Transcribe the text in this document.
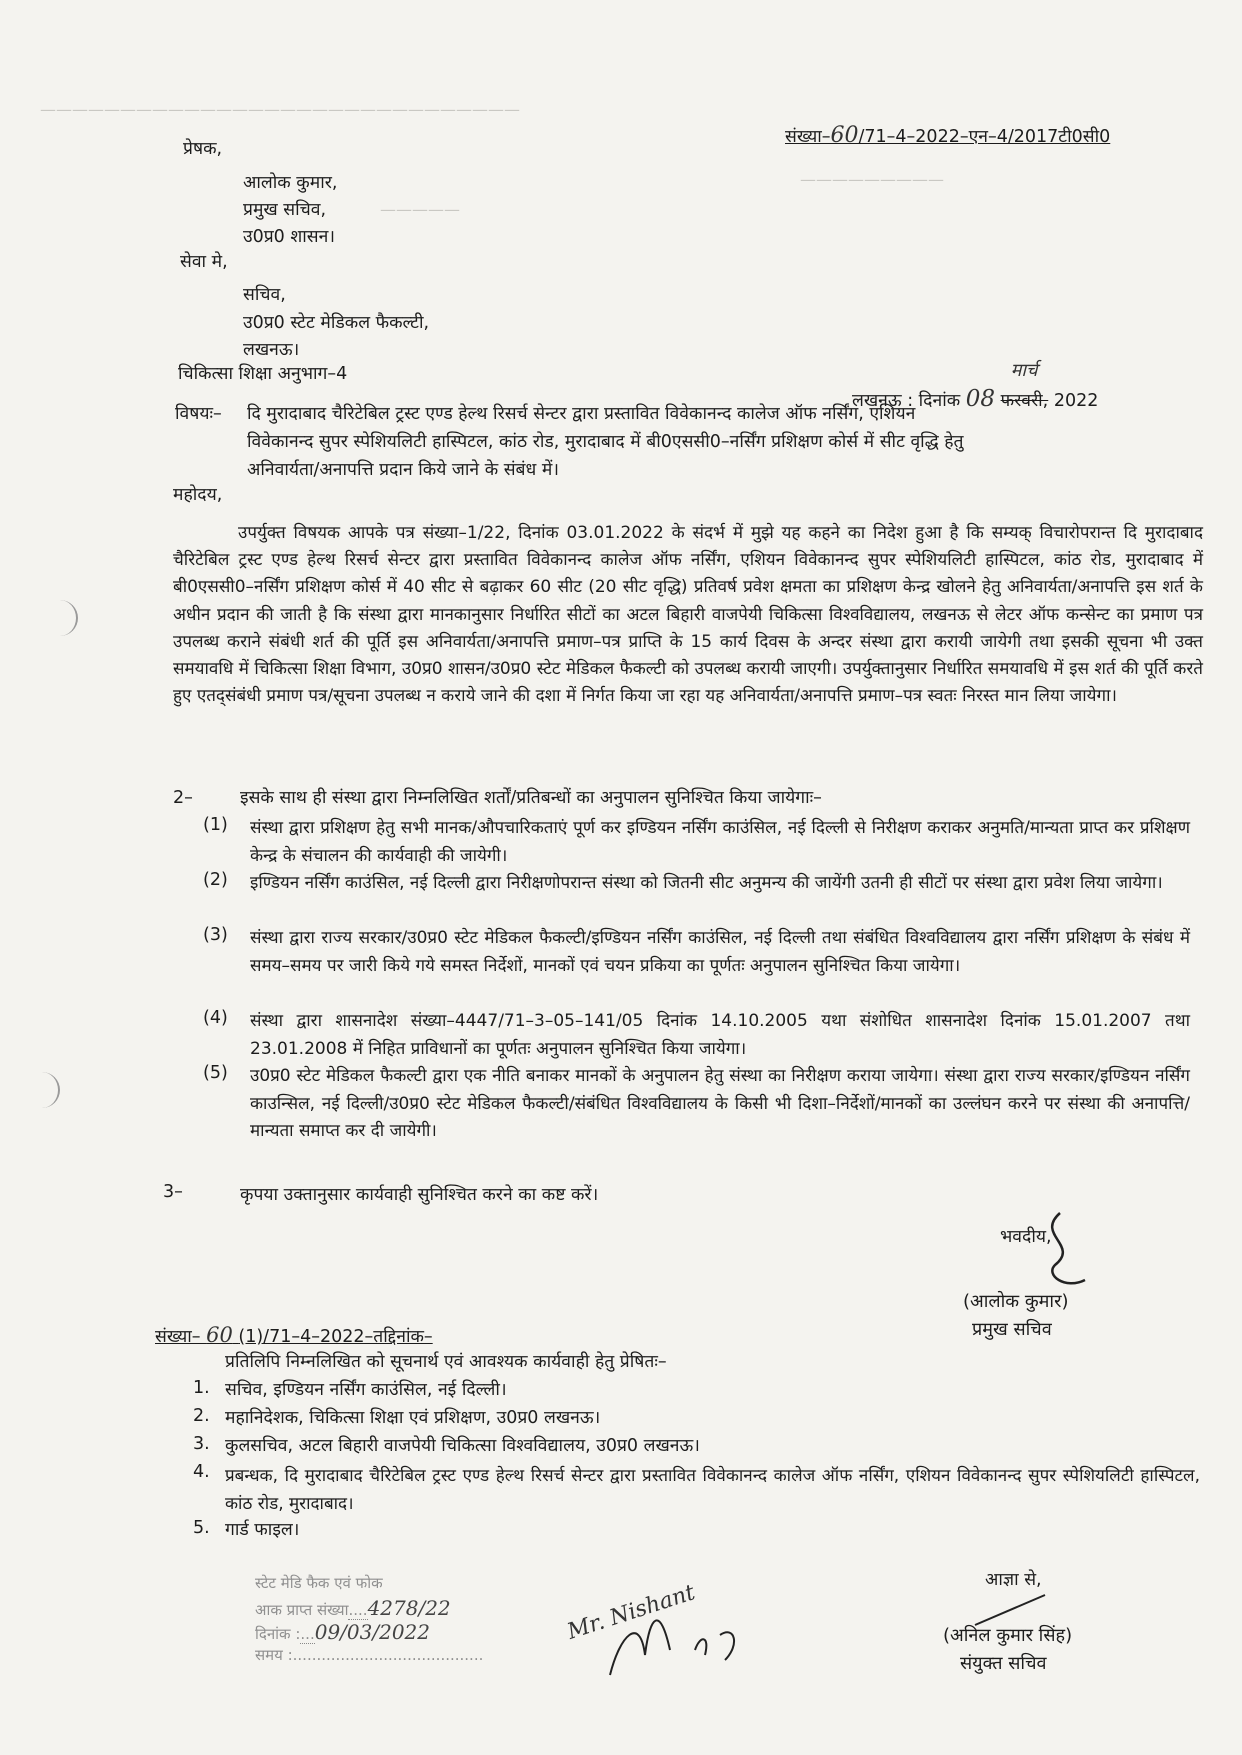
——————————————————————————————
—————————
—————
संख्या–60/71–4–2022–एन–4/2017टी0सी0
प्रेषक,
आलोक कुमार,
प्रमुख सचिव,
उ0प्र0 शासन।
सेवा मे,
सचिव,
उ0प्र0 स्टेट मेडिकल फैकल्टी,
लखनऊ।
चिकित्सा शिक्षा अनुभाग–4
लखनऊ : दिनांक 08
मार्च
फरवरी, 2022
विषयः– दि मुरादाबाद चैरिटेबिल ट्रस्ट एण्ड हेल्थ रिसर्च सेन्टर द्वारा प्रस्तावित विवेकानन्द कालेज ऑफ नर्सिंग, एशियन
विवेकानन्द सुपर स्पेशियलिटी हास्पिटल, कांठ रोड, मुरादाबाद में बी0एससी0–नर्सिंग प्रशिक्षण कोर्स में सीट वृद्धि हेतु
अनिवार्यता/अनापत्ति प्रदान किये जाने के संबंध में।
महोदय,
उपर्युक्त विषयक आपके पत्र संख्या–1/22, दिनांक 03.01.2022 के संदर्भ में मुझे यह कहने का निदेश हुआ है कि सम्यक् विचारोपरान्त दि मुरादाबाद चैरिटेबिल ट्रस्ट एण्ड हेल्थ रिसर्च सेन्टर द्वारा प्रस्तावित विवेकानन्द कालेज ऑफ नर्सिंग, एशियन विवेकानन्द सुपर स्पेशियलिटी हास्पिटल, कांठ रोड, मुरादाबाद में बी0एससी0–नर्सिंग प्रशिक्षण कोर्स में 40 सीट से बढ़ाकर 60 सीट (20 सीट वृद्धि) प्रतिवर्ष प्रवेश क्षमता का प्रशिक्षण केन्द्र खोलने हेतु अनिवार्यता/अनापत्ति इस शर्त के अधीन प्रदान की जाती है कि संस्था द्वारा मानकानुसार निर्धारित सीटों का अटल बिहारी वाजपेयी चिकित्सा विश्वविद्यालय, लखनऊ से लेटर ऑफ कन्सेन्ट का प्रमाण पत्र उपलब्ध कराने संबंधी शर्त की पूर्ति इस अनिवार्यता/अनापत्ति प्रमाण–पत्र प्राप्ति के 15 कार्य दिवस के अन्दर संस्था द्वारा करायी जायेगी तथा इसकी सूचना भी उक्त समयावधि में चिकित्सा शिक्षा विभाग, उ0प्र0 शासन/उ0प्र0 स्टेट मेडिकल फैकल्टी को उपलब्ध करायी जाएगी। उपर्युक्तानुसार निर्धारित समयावधि में इस शर्त की पूर्ति करते हुए एतद्संबंधी प्रमाण पत्र/सूचना उपलब्ध न कराये जाने की दशा में निर्गत किया जा रहा यह अनिवार्यता/अनापत्ति प्रमाण–पत्र स्वतः निरस्त मान लिया जायेगा।
2–	इसके साथ ही संस्था द्वारा निम्नलिखित शर्तों/प्रतिबन्धों का अनुपालन सुनिश्चित किया जायेगाः–
(1) संस्था द्वारा प्रशिक्षण हेतु सभी मानक/औपचारिकताएं पूर्ण कर इण्डियन नर्सिंग काउंसिल, नई दिल्ली से निरीक्षण कराकर अनुमति/मान्यता प्राप्त कर प्रशिक्षण केन्द्र के संचालन की कार्यवाही की जायेगी।
(2) इण्डियन नर्सिंग काउंसिल, नई दिल्ली द्वारा निरीक्षणोपरान्त संस्था को जितनी सीट अनुमन्य की जायेंगी उतनी ही सीटों पर संस्था द्वारा प्रवेश लिया जायेगा।
(3) संस्था द्वारा राज्य सरकार/उ0प्र0 स्टेट मेडिकल फैकल्टी/इण्डियन नर्सिंग काउंसिल, नई दिल्ली तथा संबंधित विश्वविद्यालय द्वारा नर्सिंग प्रशिक्षण के संबंध में समय–समय पर जारी किये गये समस्त निर्देशों, मानकों एवं चयन प्रकिया का पूर्णतः अनुपालन सुनिश्चित किया जायेगा।
(4) संस्था द्वारा शासनादेश संख्या–4447/71–3–05–141/05 दिनांक 14.10.2005 यथा संशोधित शासनादेश दिनांक 15.01.2007 तथा 23.01.2008 में निहित प्राविधानों का पूर्णतः अनुपालन सुनिश्चित किया जायेगा।
(5) उ0प्र0 स्टेट मेडिकल फैकल्टी द्वारा एक नीति बनाकर मानकों के अनुपालन हेतु संस्था का निरीक्षण कराया जायेगा। संस्था द्वारा राज्य सरकार/इण्डियन नर्सिंग काउन्सिल, नई दिल्ली/उ0प्र0 स्टेट मेडिकल फैकल्टी/संबंधित विश्वविद्यालय के किसी भी दिशा–निर्देशों/मानकों का उल्लंघन करने पर संस्था की अनापत्ति/मान्यता समाप्त कर दी जायेगी।
3–	कृपया उक्तानुसार कार्यवाही सुनिश्चित करने का कष्ट करें।
भवदीय,
(आलोक कुमार)
प्रमुख सचिव
संख्या– 60 (1)/71–4–2022–तद्दिनांक–
प्रतिलिपि निम्नलिखित को सूचनार्थ एवं आवश्यक कार्यवाही हेतु प्रेषितः–
1. सचिव, इण्डियन नर्सिंग काउंसिल, नई दिल्ली।
2. महानिदेशक, चिकित्सा शिक्षा एवं प्रशिक्षण, उ0प्र0 लखनऊ।
3. कुलसचिव, अटल बिहारी वाजपेयी चिकित्सा विश्वविद्यालय, उ0प्र0 लखनऊ।
4. प्रबन्धक, दि मुरादाबाद चैरिटेबिल ट्रस्ट एण्ड हेल्थ रिसर्च सेन्टर द्वारा प्रस्तावित विवेकानन्द कालेज ऑफ नर्सिंग, एशियन विवेकानन्द सुपर स्पेशियलिटी हास्पिटल, कांठ रोड, मुरादाबाद।
5. गार्ड फाइल।
आज्ञा से,
(अनिल कुमार सिंह)
संयुक्त सचिव
स्टेट मेडि फैक एवं फोक
आक प्राप्त संख्या....4278/22
दिनांक :...09/03/2022
समय :........................................
Mr. Nishant
